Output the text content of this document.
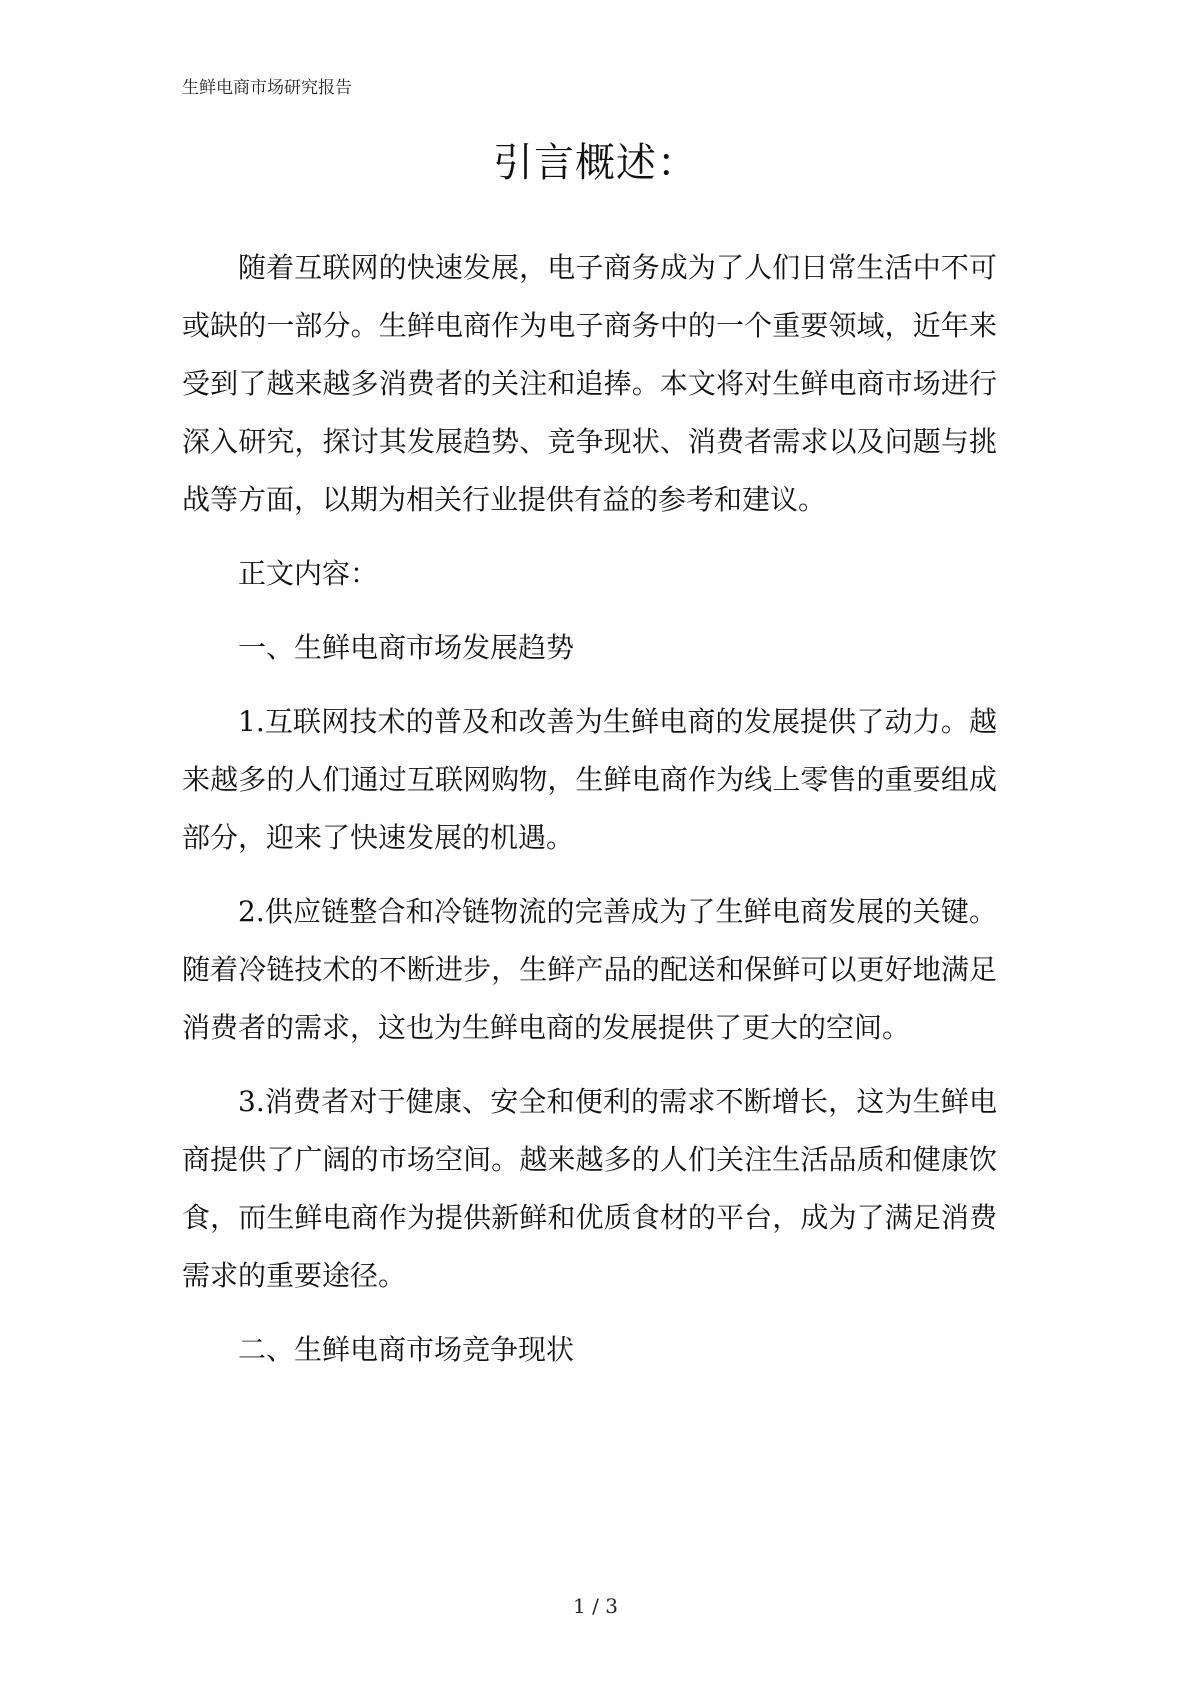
生鲜电商市场研究报告
引言概述：

随着互联网的快速发展，电子商务成为了人们日常生活中不可或缺的一部分。生鲜电商作为电子商务中的一个重要领域，近年来受到了越来越多消费者的关注和追捧。本文将对生鲜电商市场进行深入研究，探讨其发展趋势、竞争现状、消费者需求以及问题与挑战等方面，以期为相关行业提供有益的参考和建议。

正文内容：

一、生鲜电商市场发展趋势

1.互联网技术的普及和改善为生鲜电商的发展提供了动力。越来越多的人们通过互联网购物，生鲜电商作为线上零售的重要组成部分，迎来了快速发展的机遇。

2.供应链整合和冷链物流的完善成为了生鲜电商发展的关键。随着冷链技术的不断进步，生鲜产品的配送和保鲜可以更好地满足消费者的需求，这也为生鲜电商的发展提供了更大的空间。

3.消费者对于健康、安全和便利的需求不断增长，这为生鲜电商提供了广阔的市场空间。越来越多的人们关注生活品质和健康饮食，而生鲜电商作为提供新鲜和优质食材的平台，成为了满足消费需求的重要途径。

二、生鲜电商市场竞争现状

1 / 3
